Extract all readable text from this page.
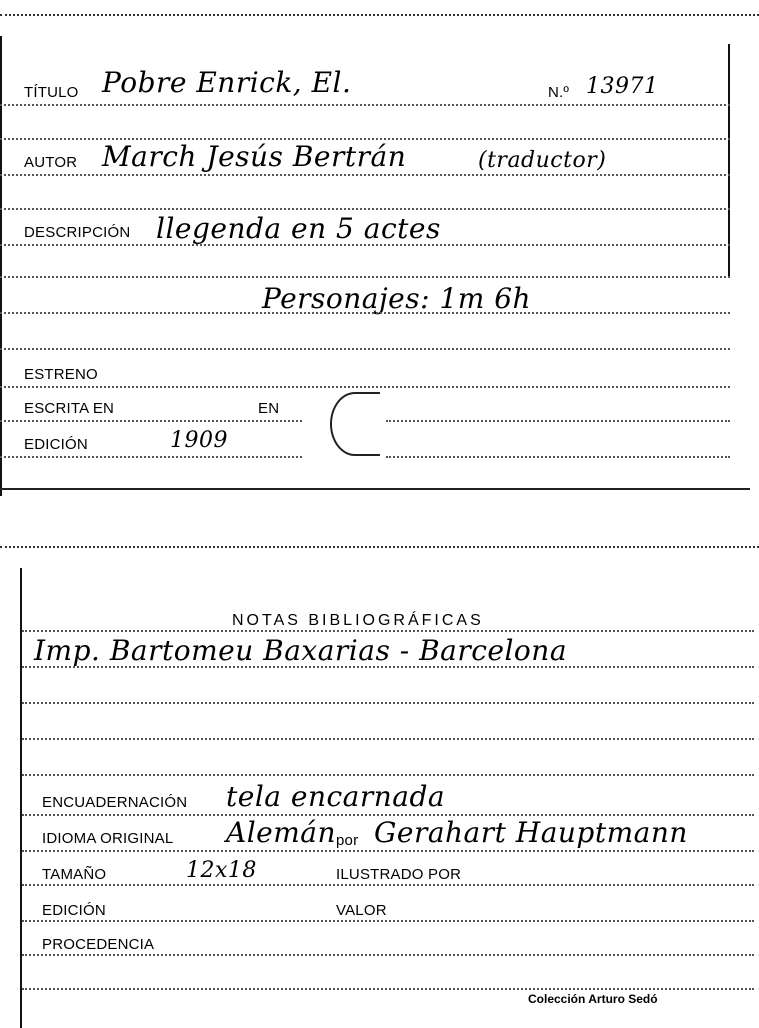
TÍTULO Pobre Enrick, El.	N.º 13971
AUTOR March Jesús Bertrán	(traductor)
DESCRIPCIÓN llegenda en 5 actes
Personajes: 1m 6h
ESTRENO
ESCRITA EN	EN
EDICIÓN	1909
NOTAS BIBLIOGRÁFICAS
Imp. Bartomeu Baxarias - Barcelona
ENCUADERNACIÓN tela encarnada
IDIOMA ORIGINAL Alemán por Gerahart Hauptmann
TAMAÑO	12x18	ILUSTRADO POR
EDICIÓN	VALOR
PROCEDENCIA
Colección Arturo Sedó
